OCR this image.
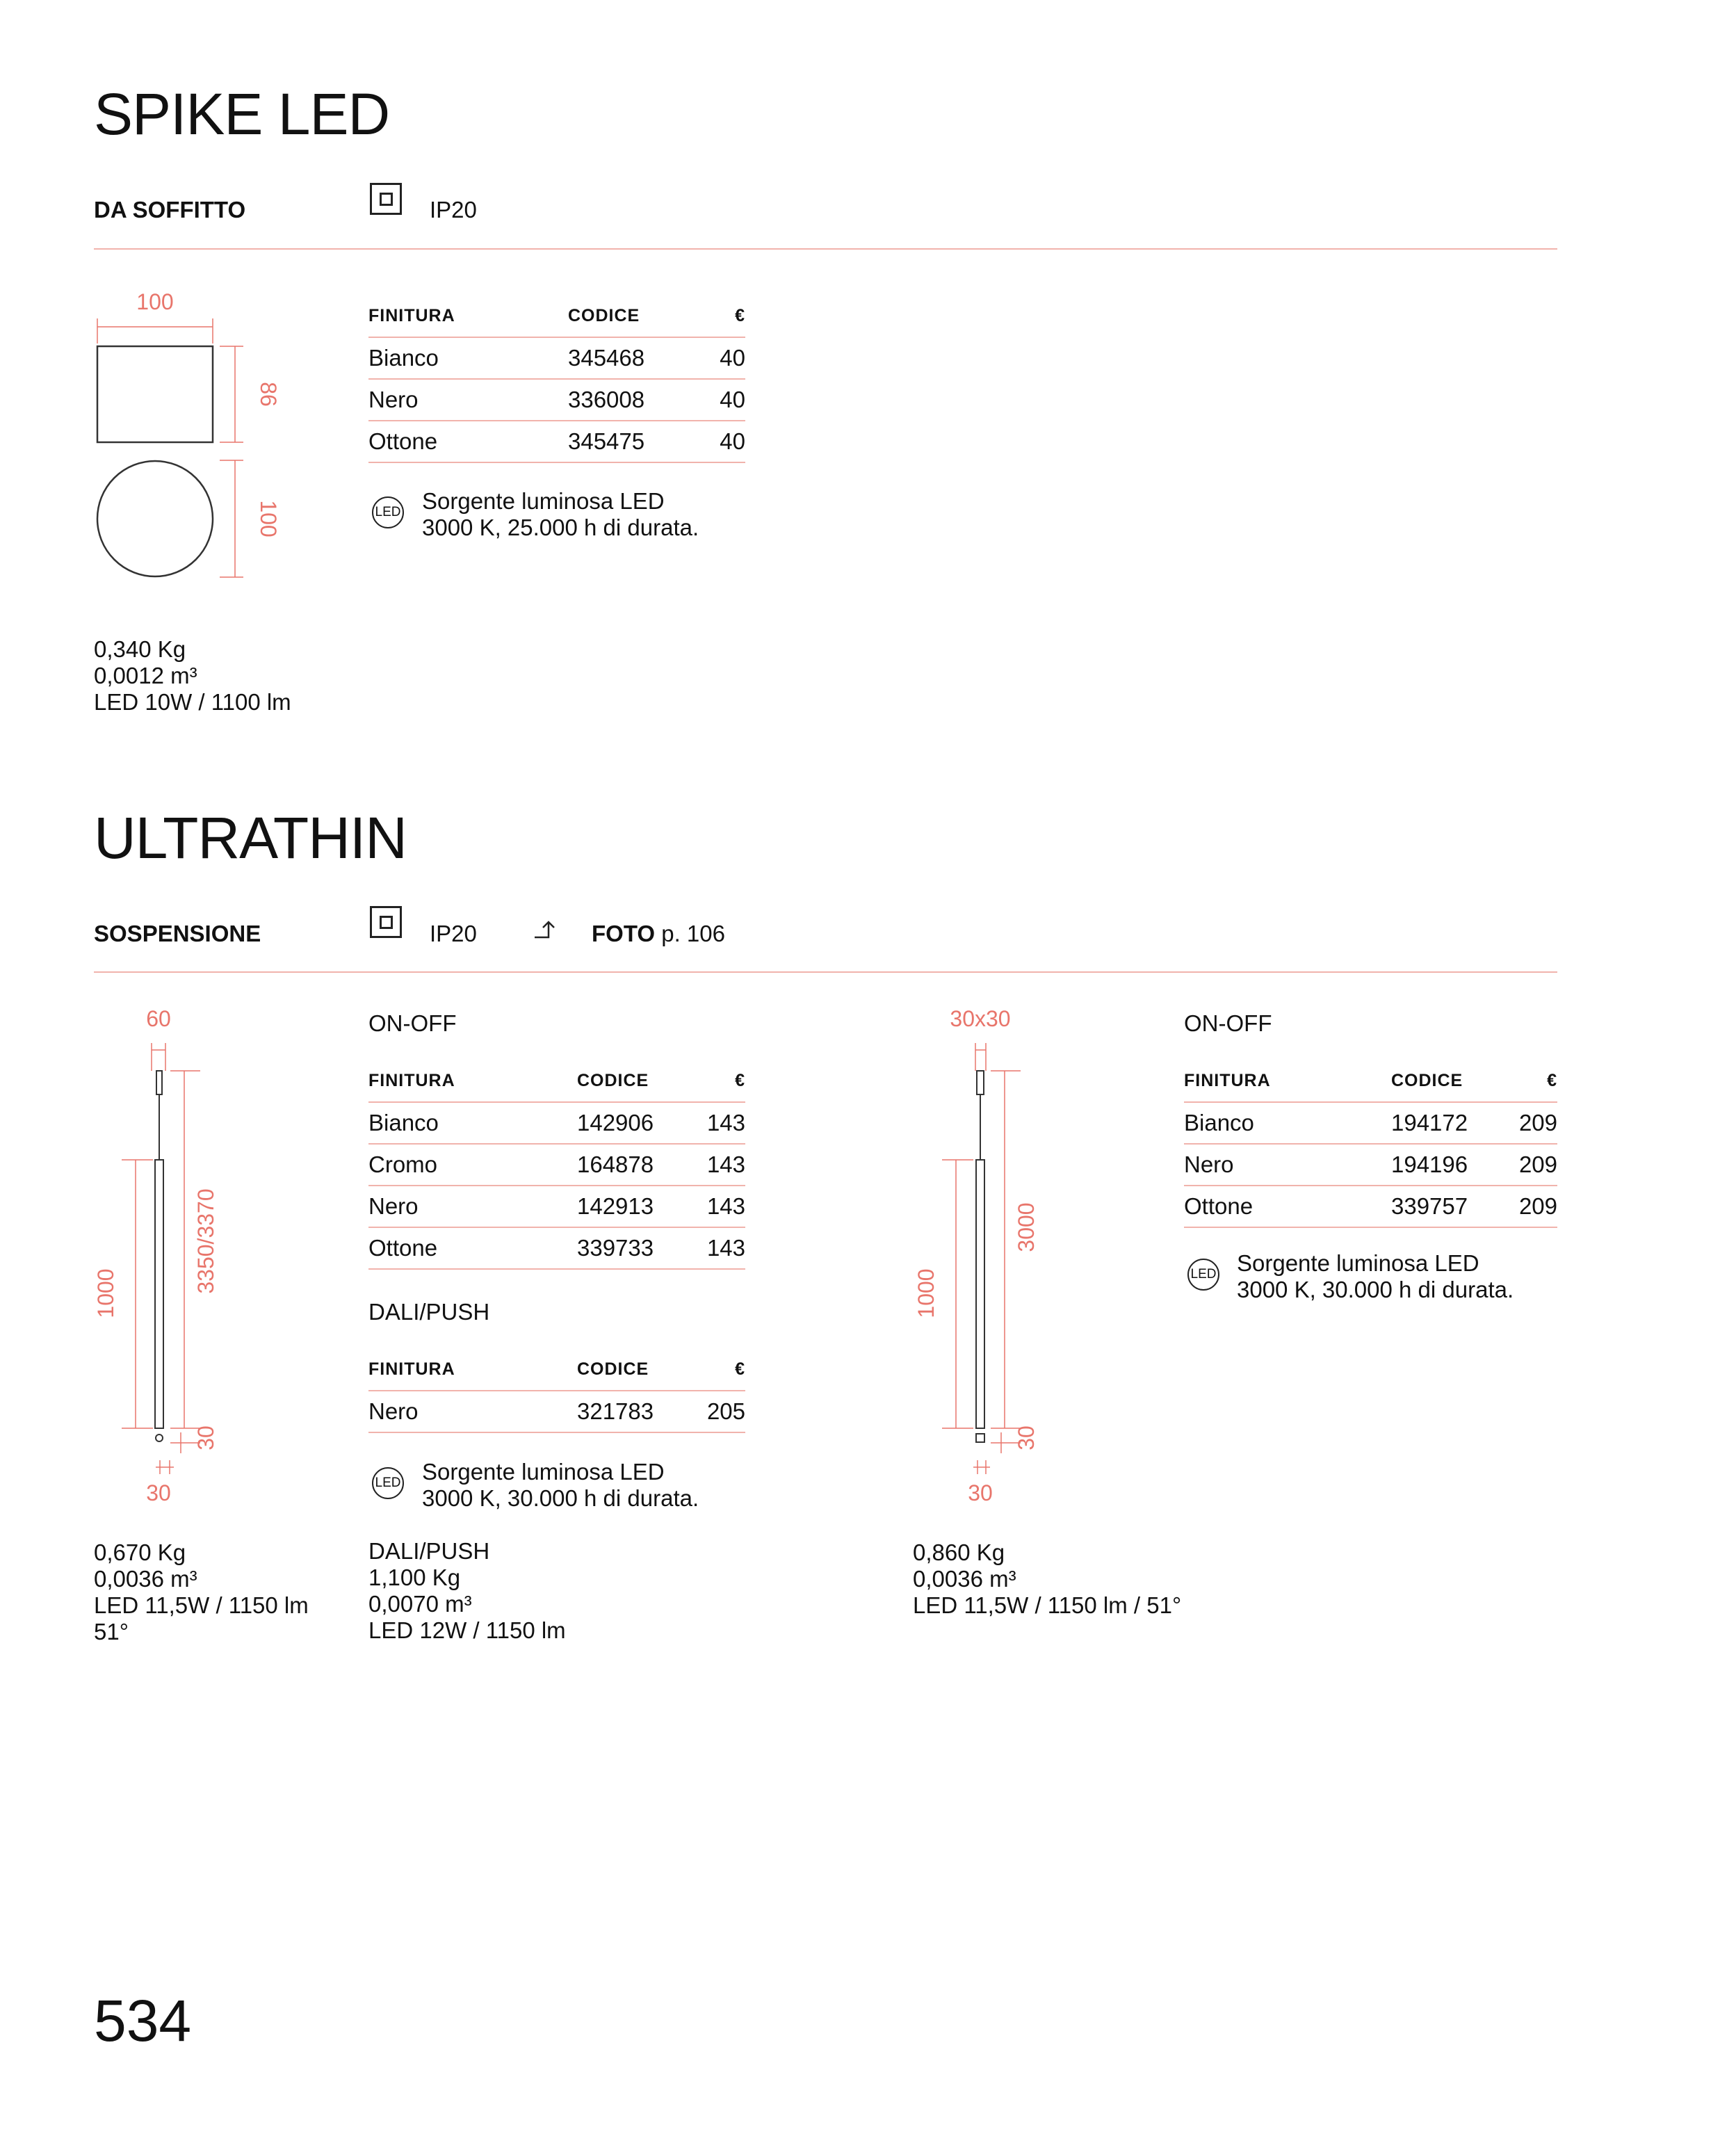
SPIKE LED
DA SOFFITTO	IP20
100
86
100
FINITURA	CODICE	€
Bianco	345468	40
Nero	336008	40
Ottone	345475	40
LED Sorgente luminosa LED
3000 K, 25.000 h di durata.
0,340 Kg
0,0012 m³
LED 10W / 1100 lm
ULTRATHIN
SOSPENSIONE	IP20	FOTO p. 106
60
3350/3370
1000
30
30
ON-OFF
FINITURA	CODICE	€
Bianco	142906	143
Cromo	164878	143
Nero	142913	143
Ottone	339733	143
DALI/PUSH
FINITURA	CODICE	€
Nero	321783	205
LED Sorgente luminosa LED
3000 K, 30.000 h di durata.
30x30
3000
1000
30
30
ON-OFF
FINITURA	CODICE	€
Bianco	194172	209
Nero	194196	209
Ottone	339757	209
LED Sorgente luminosa LED
3000 K, 30.000 h di durata.
0,670 Kg
0,0036 m³
LED 11,5W / 1150 lm
51°
DALI/PUSH
1,100 Kg
0,0070 m³
LED 12W / 1150 lm
0,860 Kg
0,0036 m³
LED 11,5W / 1150 lm / 51°
534
